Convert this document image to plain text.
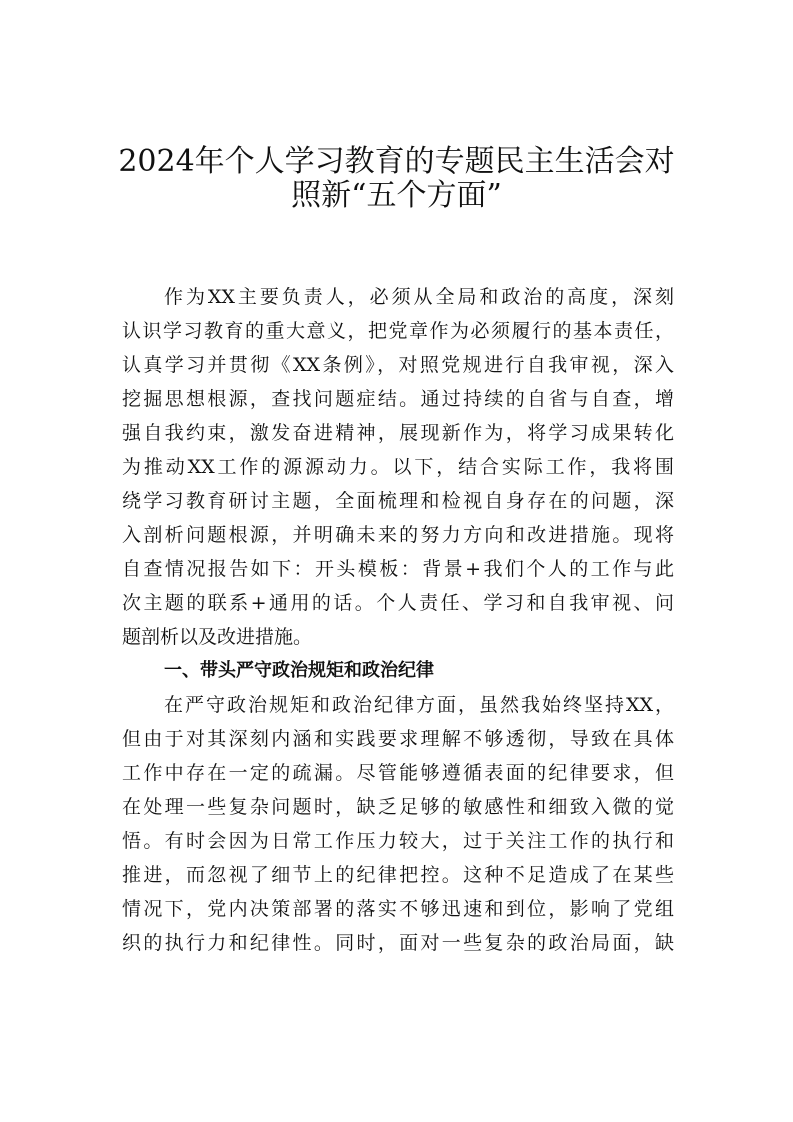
2024年个人学习教育的专题民主生活会对
照新“五个方面”
作为XX主要负责人，必须从全局和政治的高度，深刻
认识学习教育的重大意义，把党章作为必须履行的基本责任，
认真学习并贯彻《XX条例》，对照党规进行自我审视，深入
挖掘思想根源，查找问题症结。通过持续的自省与自查，增
强自我约束，激发奋进精神，展现新作为，将学习成果转化
为推动XX工作的源源动力。以下，结合实际工作，我将围
绕学习教育研讨主题，全面梳理和检视自身存在的问题，深
入剖析问题根源，并明确未来的努力方向和改进措施。现将
自查情况报告如下：开头模板：背景+我们个人的工作与此
次主题的联系+通用的话。个人责任、学习和自我审视、问
题剖析以及改进措施。
一、带头严守政治规矩和政治纪律
在严守政治规矩和政治纪律方面，虽然我始终坚持XX，
但由于对其深刻内涵和实践要求理解不够透彻，导致在具体
工作中存在一定的疏漏。尽管能够遵循表面的纪律要求，但
在处理一些复杂问题时，缺乏足够的敏感性和细致入微的觉
悟。有时会因为日常工作压力较大，过于关注工作的执行和
推进，而忽视了细节上的纪律把控。这种不足造成了在某些
情况下，党内决策部署的落实不够迅速和到位，影响了党组
织的执行力和纪律性。同时，面对一些复杂的政治局面，缺
